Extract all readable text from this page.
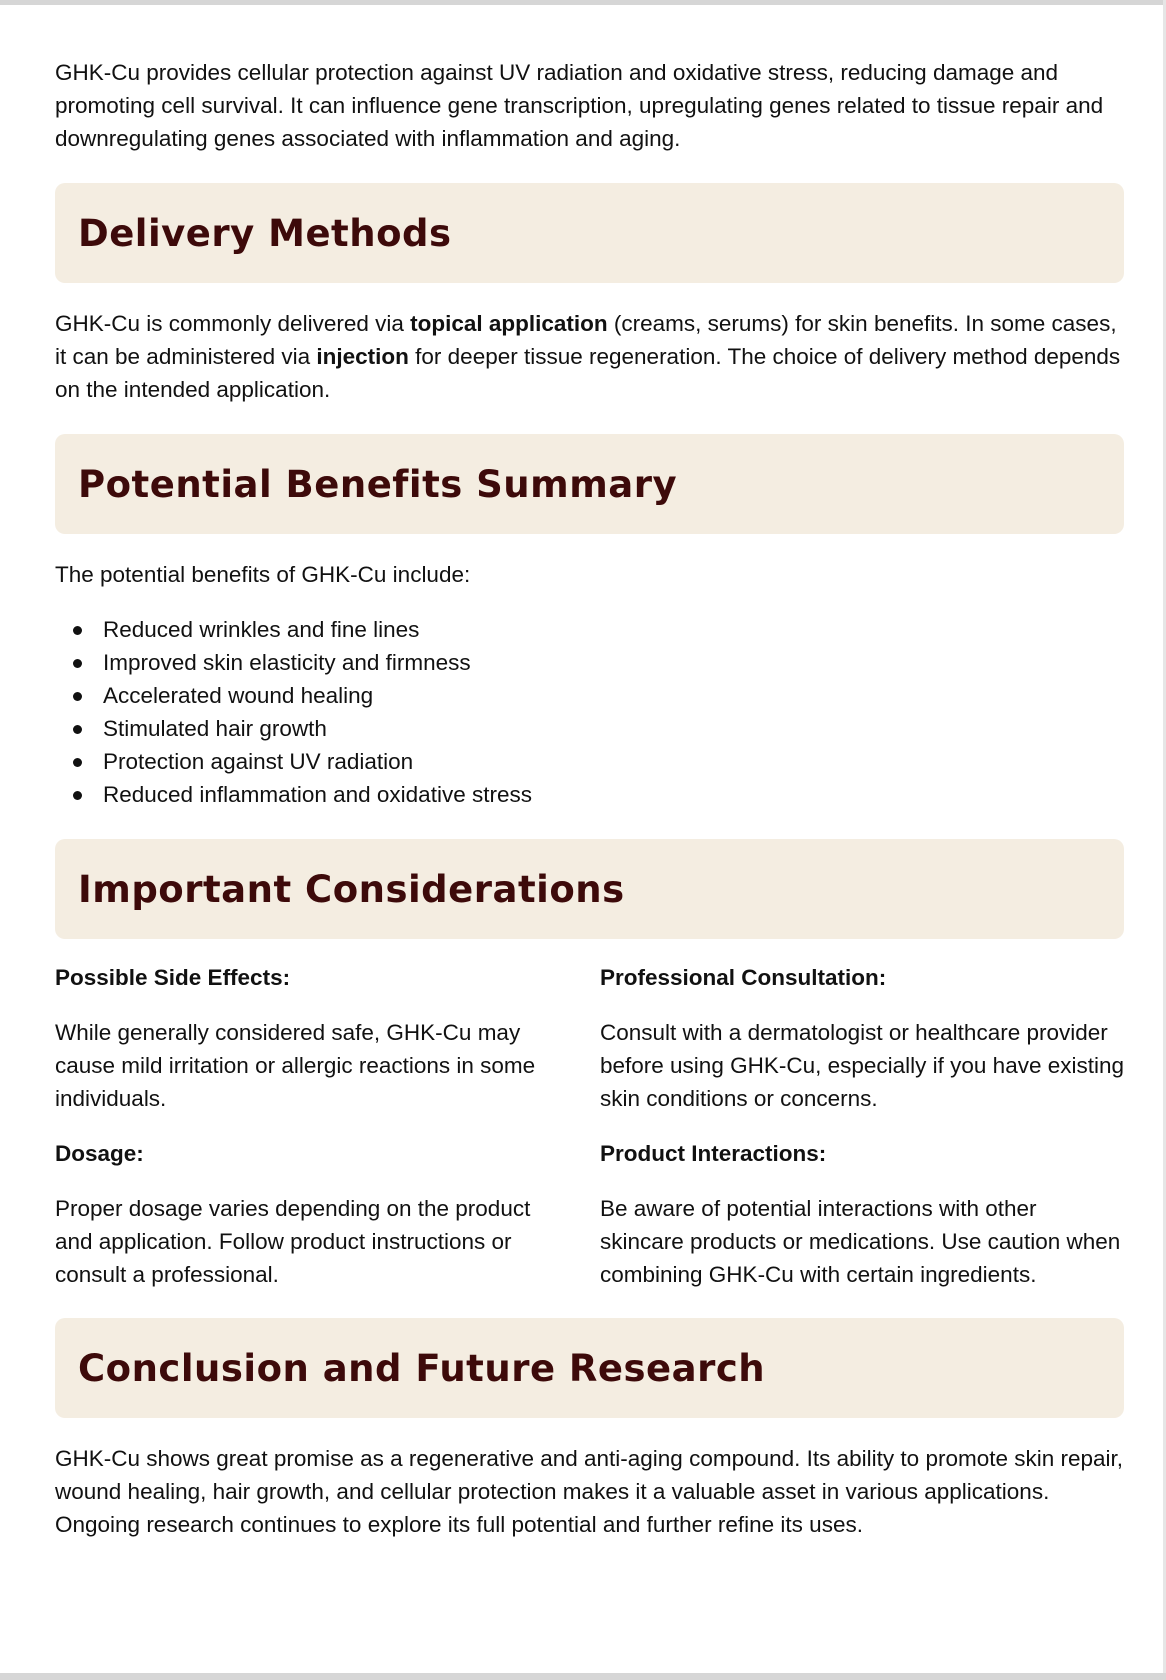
GHK-Cu provides cellular protection against UV radiation and oxidative stress, reducing damage and promoting cell survival. It can influence gene transcription, upregulating genes related to tissue repair and downregulating genes associated with inflammation and aging.

Delivery Methods

GHK-Cu is commonly delivered via topical application (creams, serums) for skin benefits. In some cases, it can be administered via injection for deeper tissue regeneration. The choice of delivery method depends on the intended application.

Potential Benefits Summary

The potential benefits of GHK-Cu include:

Reduced wrinkles and fine lines
Improved skin elasticity and firmness
Accelerated wound healing
Stimulated hair growth
Protection against UV radiation
Reduced inflammation and oxidative stress
Important Considerations
Possible Side Effects:

While generally considered safe, GHK-Cu may cause mild irritation or allergic reactions in some individuals.

Professional Consultation:

Consult with a dermatologist or healthcare provider before using GHK-Cu, especially if you have existing skin conditions or concerns.

Dosage:

Proper dosage varies depending on the product and application. Follow product instructions or consult a professional.

Product Interactions:

Be aware of potential interactions with other skincare products or medications. Use caution when combining GHK-Cu with certain ingredients.

Conclusion and Future Research

GHK-Cu shows great promise as a regenerative and anti-aging compound. Its ability to promote skin repair, wound healing, hair growth, and cellular protection makes it a valuable asset in various applications. Ongoing research continues to explore its full potential and further refine its uses.
